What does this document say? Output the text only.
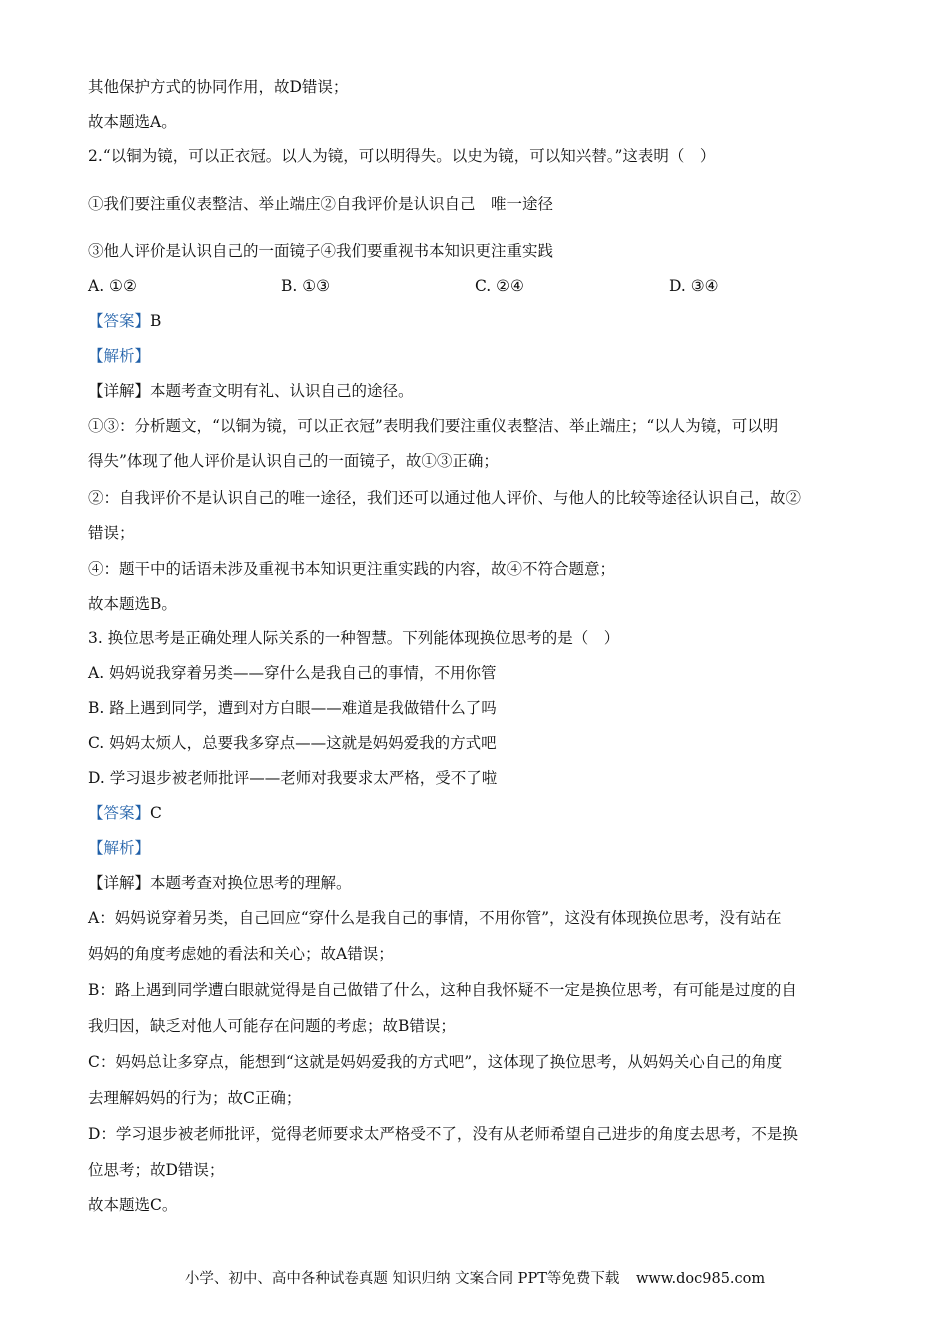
其他保护方式的协同作用，故D错误；
故本题选A。
2.“以铜为镜，可以正衣冠。以人为镜，可以明得失。以史为镜，可以知兴替。”这表明（　）
①我们要注重仪表整洁、举止端庄②自我评价是认识自己　唯一途径
③他人评价是认识自己的一面镜子④我们要重视书本知识更注重实践
A. ①②	B. ①③	C. ②④	D. ③④
【答案】B
【解析】
【详解】本题考查文明有礼、认识自己的途径。
①③：分析题文，“以铜为镜，可以正衣冠”表明我们要注重仪表整洁、举止端庄；“以人为镜，可以明
得失”体现了他人评价是认识自己的一面镜子，故①③正确；
②：自我评价不是认识自己的唯一途径，我们还可以通过他人评价、与他人的比较等途径认识自己，故②
错误；
④：题干中的话语未涉及重视书本知识更注重实践的内容，故④不符合题意；
故本题选B。
3. 换位思考是正确处理人际关系的一种智慧。下列能体现换位思考的是（　）
A. 妈妈说我穿着另类——穿什么是我自己的事情，不用你管
B. 路上遇到同学，遭到对方白眼——难道是我做错什么了吗
C. 妈妈太烦人，总要我多穿点——这就是妈妈爱我的方式吧
D. 学习退步被老师批评——老师对我要求太严格，受不了啦
【答案】C
【解析】
【详解】本题考查对换位思考的理解。
A：妈妈说穿着另类，自己回应“穿什么是我自己的事情，不用你管”，这没有体现换位思考，没有站在
妈妈的角度考虑她的看法和关心；故A错误；
B：路上遇到同学遭白眼就觉得是自己做错了什么，这种自我怀疑不一定是换位思考，有可能是过度的自
我归因，缺乏对他人可能存在问题的考虑；故B错误；
C：妈妈总让多穿点，能想到“这就是妈妈爱我的方式吧”，这体现了换位思考，从妈妈关心自己的角度
去理解妈妈的行为；故C正确；
D：学习退步被老师批评，觉得老师要求太严格受不了，没有从老师希望自己进步的角度去思考，不是换
位思考；故D错误；
故本题选C。
小学、初中、高中各种试卷真题 知识归纳 文案合同 PPT等免费下载 www.doc985.com
